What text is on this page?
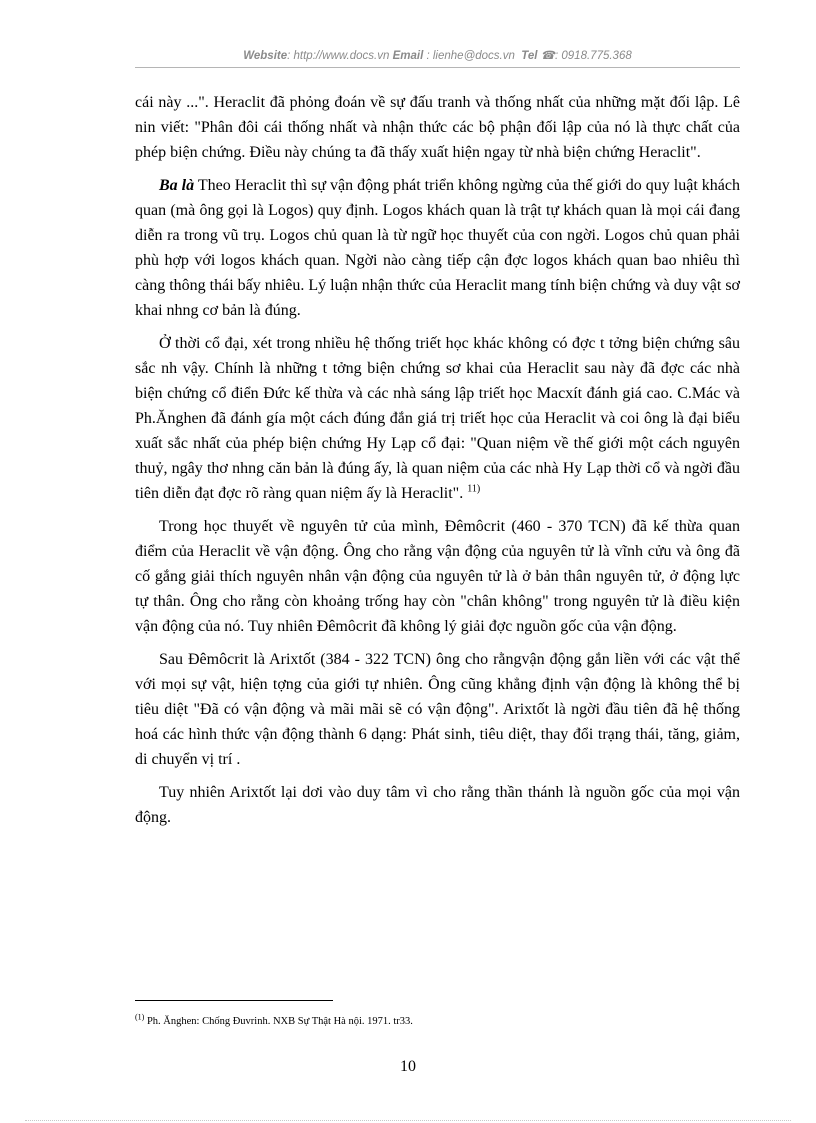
Website: http://www.docs.vn Email : lienhe@docs.vn Tel ☎: 0918.775.368

cái này ...". Heraclit đã phỏng đoán về sự đấu tranh và thống nhất của những mặt đối lập. Lê nin viết: "Phân đôi cái thống nhất và nhận thức các bộ phận đối lập của nó là thực chất của phép biện chứng. Điều này chúng ta đã thấy xuất hiện ngay từ nhà biện chứng Heraclit".

Ba là Theo Heraclit thì sự vận động phát triển không ngừng của thế giới do quy luật khách quan (mà ông gọi là Logos) quy định. Logos khách quan là trật tự khách quan là mọi cái đang diễn ra trong vũ trụ. Logos chủ quan là từ ngữ học thuyết của con ngời. Logos chủ quan phải phù hợp với logos khách quan. Ngời nào càng tiếp cận đợc logos khách quan bao nhiêu thì càng thông thái bấy nhiêu. Lý luận nhận thức của Heraclit mang tính biện chứng và duy vật sơ khai nhng cơ bản là đúng.

Ở thời cổ đại, xét trong nhiều hệ thống triết học khác không có đợc t tởng biện chứng sâu sắc nh vậy. Chính là những t tởng biện chứng sơ khai của Heraclit sau này đã đợc các nhà biện chứng cổ điển Đức kế thừa và các nhà sáng lập triết học Macxít đánh giá cao. C.Mác và Ph.Ănghen đã đánh gía một cách đúng đắn giá trị triết học của Heraclit và coi ông là đại biểu xuất sắc nhất của phép biện chứng Hy Lạp cổ đại: "Quan niệm về thế giới một cách nguyên thuỷ, ngây thơ nhng căn bản là đúng ấy, là quan niệm của các nhà Hy Lạp thời cổ và ngời đầu tiên diễn đạt đợc rõ ràng quan niệm ấy là Heraclit". $^{11)}$

Trong học thuyết về nguyên tử của mình, Đêmôcrit (460 - 370 TCN) đã kế thừa quan điểm của Heraclit về vận động. Ông cho rằng vận động của nguyên tử là vĩnh cửu và ông đã cố gắng giải thích nguyên nhân vận động của nguyên tử là ở bản thân nguyên tử, ở động lực tự thân. Ông cho rằng còn khoảng trống hay còn "chân không" trong nguyên tử là điều kiện vận động của nó. Tuy nhiên Đêmôcrit đã không lý giải đợc nguồn gốc của vận động.

Sau Đêmôcrit là Arixtốt (384 - 322 TCN) ông cho rằngvận động gắn liền với các vật thể với mọi sự vật, hiện tợng của giới tự nhiên. Ông cũng khẳng định vận động là không thể bị tiêu diệt "Đã có vận động và mãi mãi sẽ có vận động". Arixtốt là ngời đầu tiên đã hệ thống hoá các hình thức vận động thành 6 dạng: Phát sinh, tiêu diệt, thay đổi trạng thái, tăng, giảm, di chuyển vị trí .

Tuy nhiên Arixtốt lại dơi vào duy tâm vì cho rằng thần thánh là nguồn gốc của mọi vận động.

$^{(1)}$ Ph. Ănghen: Chống Đuvrinh. NXB Sự Thật Hà nội. 1971. tr33.
10
